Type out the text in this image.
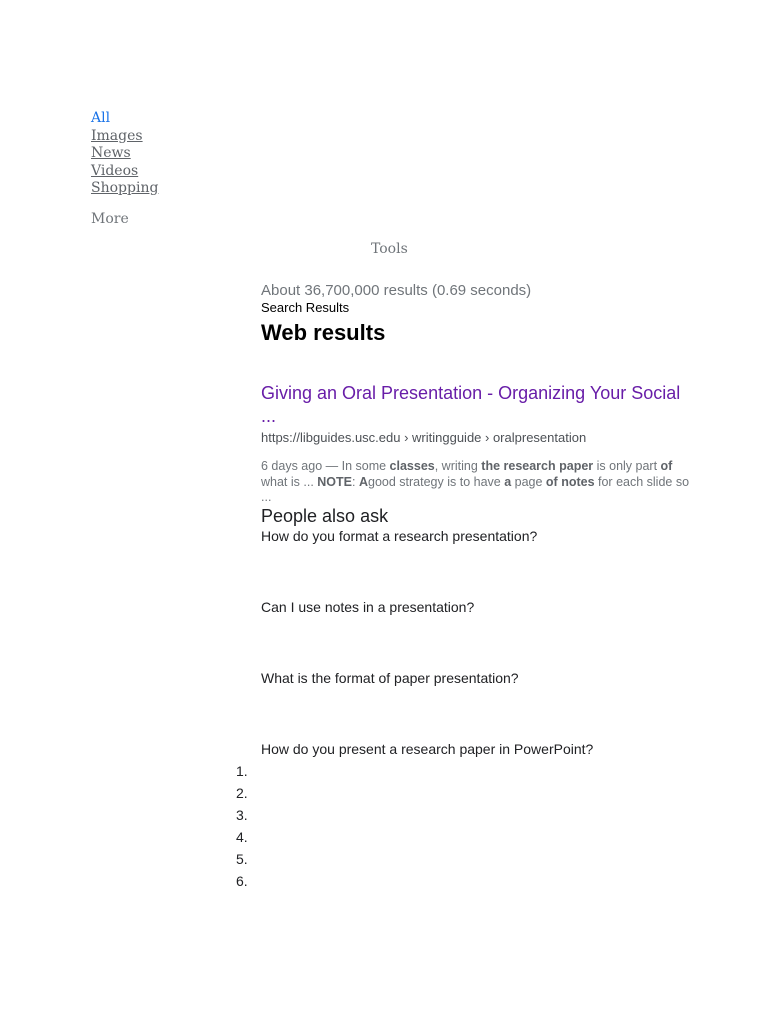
All
Images
News
Videos
Shopping
More
Tools
About 36,700,000 results (0.69 seconds)
Search Results
Web results
Giving an Oral Presentation - Organizing Your Social ...
https://libguides.usc.edu › writingguide › oralpresentation
6 days ago — In some classes, writing the research paper is only part of what is ... NOTE: Agood strategy is to have a page of notes for each slide so ...
People also ask
How do you format a research presentation?
Can I use notes in a presentation?
What is the format of paper presentation?
How do you present a research paper in PowerPoint?
1.
2.
3.
4.
5.
6.
